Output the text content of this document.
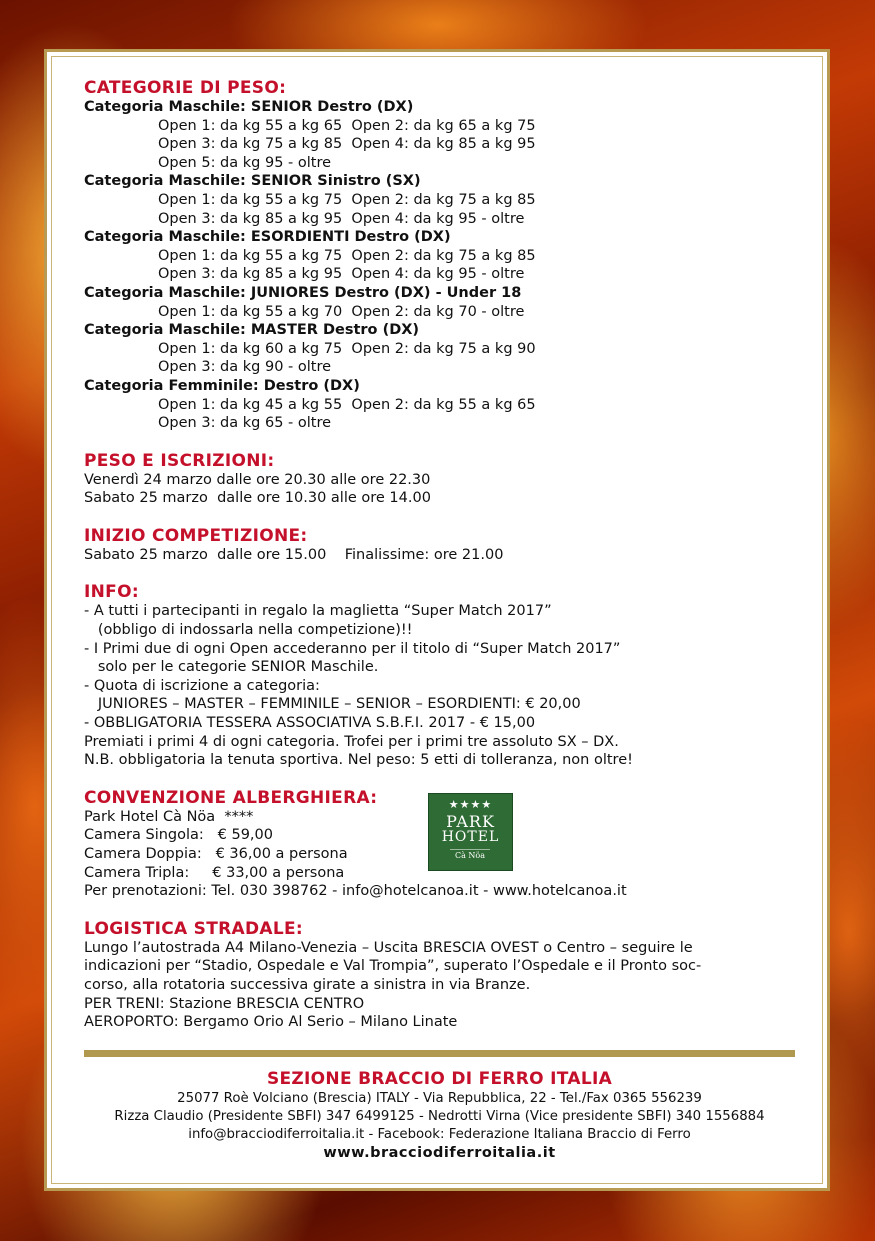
CATEGORIE DI PESO:
Categoria Maschile: SENIOR Destro (DX)
Open 1: da kg 55 a kg 65  Open 2: da kg 65 a kg 75
Open 3: da kg 75 a kg 85  Open 4: da kg 85 a kg 95
Open 5: da kg 95 - oltre
Categoria Maschile: SENIOR Sinistro (SX)
Open 1: da kg 55 a kg 75  Open 2: da kg 75 a kg 85
Open 3: da kg 85 a kg 95  Open 4: da kg 95 - oltre
Categoria Maschile: ESORDIENTI Destro (DX)
Open 1: da kg 55 a kg 75  Open 2: da kg 75 a kg 85
Open 3: da kg 85 a kg 95  Open 4: da kg 95 - oltre
Categoria Maschile: JUNIORES Destro (DX) - Under 18
Open 1: da kg 55 a kg 70  Open 2: da kg 70 - oltre
Categoria Maschile: MASTER Destro (DX)
Open 1: da kg 60 a kg 75  Open 2: da kg 75 a kg 90
Open 3: da kg 90 - oltre
Categoria Femminile: Destro (DX)
Open 1: da kg 45 a kg 55  Open 2: da kg 55 a kg 65
Open 3: da kg 65 - oltre
PESO E ISCRIZIONI:
Venerdì 24 marzo dalle ore 20.30 alle ore 22.30
Sabato 25 marzo  dalle ore 10.30 alle ore 14.00
INIZIO COMPETIZIONE:
Sabato 25 marzo  dalle ore 15.00    Finalissime: ore 21.00
INFO:
- A tutti i partecipanti in regalo la maglietta “Super Match 2017”
(obbligo di indossarla nella competizione)!!
- I Primi due di ogni Open accederanno per il titolo di “Super Match 2017”
solo per le categorie SENIOR Maschile.
- Quota di iscrizione a categoria:
JUNIORES – MASTER – FEMMINILE – SENIOR – ESORDIENTI: € 20,00
- OBBLIGATORIA TESSERA ASSOCIATIVA S.B.F.I. 2017 - € 15,00
Premiati i primi 4 di ogni categoria. Trofei per i primi tre assoluto SX – DX.
N.B. obbligatoria la tenuta sportiva. Nel peso: 5 etti di tolleranza, non oltre!
CONVENZIONE ALBERGHIERA:
Park Hotel Cà Nöa  ****
Camera Singola:   € 59,00
Camera Doppia:   € 36,00 a persona
Camera Tripla:     € 33,00 a persona
Per prenotazioni: Tel. 030 398762 - info@hotelcanoa.it - www.hotelcanoa.it
LOGISTICA STRADALE:
Lungo l’autostrada A4 Milano-Venezia – Uscita BRESCIA OVEST o Centro – seguire le
indicazioni per “Stadio, Ospedale e Val Trompia”, superato l’Ospedale e il Pronto soc-
corso, alla rotatoria successiva girate a sinistra in via Branze.
PER TRENI: Stazione BRESCIA CENTRO
AEROPORTO: Bergamo Orio Al Serio – Milano Linate
★★★★
PARK
HOTEL
Cà Nöa
SEZIONE BRACCIO DI FERRO ITALIA
25077 Roè Volciano (Brescia) ITALY - Via Repubblica, 22 - Tel./Fax 0365 556239
Rizza Claudio (Presidente SBFI) 347 6499125 - Nedrotti Virna (Vice presidente SBFI) 340 1556884
info@bracciodiferroitalia.it - Facebook: Federazione Italiana Braccio di Ferro
www.bracciodiferroitalia.it
